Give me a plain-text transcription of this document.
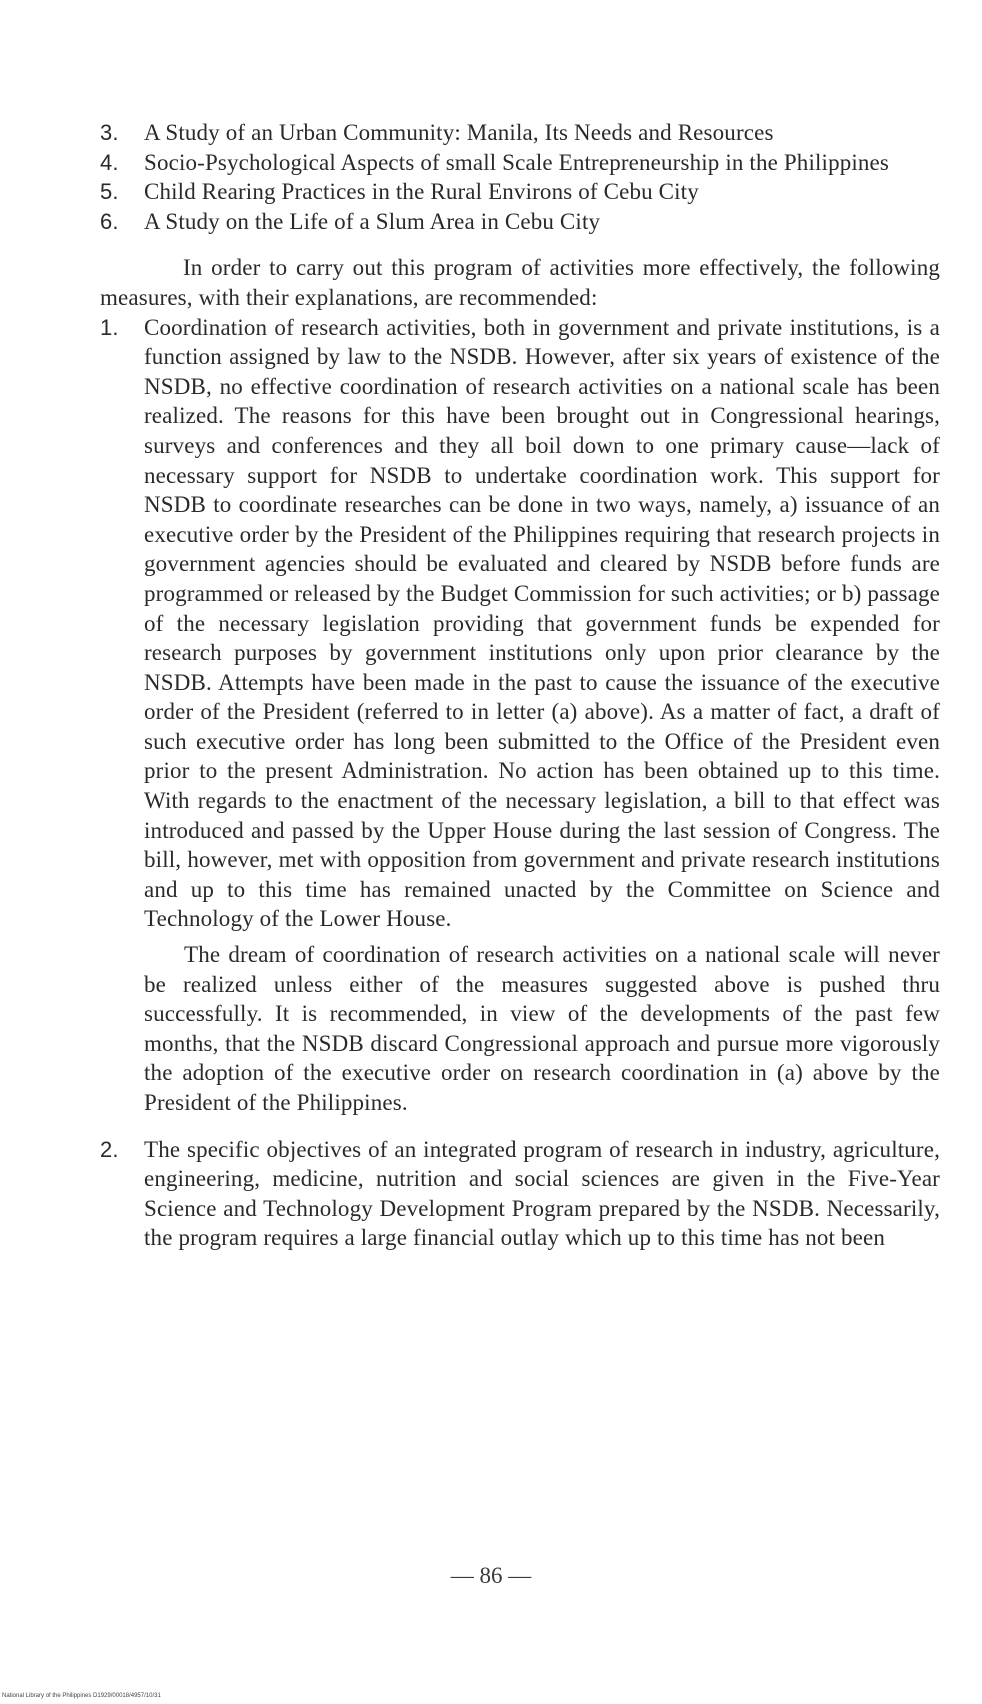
3.	A Study of an Urban Community: Manila, Its Needs and Resources
4.	Socio-Psychological Aspects of small Scale Entrepreneurship in the Philippines
5.	Child Rearing Practices in the Rural Environs of Cebu City
6.	A Study on the Life of a Slum Area in Cebu City

In order to carry out this program of activities more effectively, the following measures, with their explanations, are recommended:

1.	Coordination of research activities, both in government and private institutions, is a function assigned by law to the NSDB. However, after six years of existence of the NSDB, no effective coordination of research activities on a national scale has been realized. The reasons for this have been brought out in Congressional hearings, surveys and conferences and they all boil down to one primary cause—lack of necessary support for NSDB to undertake coordination work. This support for NSDB to coordinate researches can be done in two ways, namely, a) issuance of an executive order by the President of the Philippines requiring that research projects in government agencies should be evaluated and cleared by NSDB before funds are programmed or released by the Budget Commission for such activities; or b) passage of the necessary legislation providing that government funds be expended for research purposes by government institutions only upon prior clearance by the NSDB. Attempts have been made in the past to cause the issuance of the executive order of the President (referred to in letter (a) above). As a matter of fact, a draft of such executive order has long been submitted to the Office of the President even prior to the present Administration. No action has been obtained up to this time. With regards to the enactment of the necessary legislation, a bill to that effect was introduced and passed by the Upper House during the last session of Congress. The bill, however, met with opposition from government and private research institutions and up to this time has remained unacted by the Committee on Science and Technology of the Lower House.

The dream of coordination of research activities on a national scale will never be realized unless either of the measures suggested above is pushed thru successfully. It is recommended, in view of the developments of the past few months, that the NSDB discard Congressional approach and pursue more vigorously the adoption of the executive order on research coordination in (a) above by the President of the Philippines.

2.	The specific objectives of an integrated program of research in industry, agriculture, engineering, medicine, nutrition and social sciences are given in the Five-Year Science and Technology Development Program prepared by the NSDB. Necessarily, the program requires a large financial outlay which up to this time has not been

— 86 —
National Library of the Philippines D1929/00018/4957/10/31
